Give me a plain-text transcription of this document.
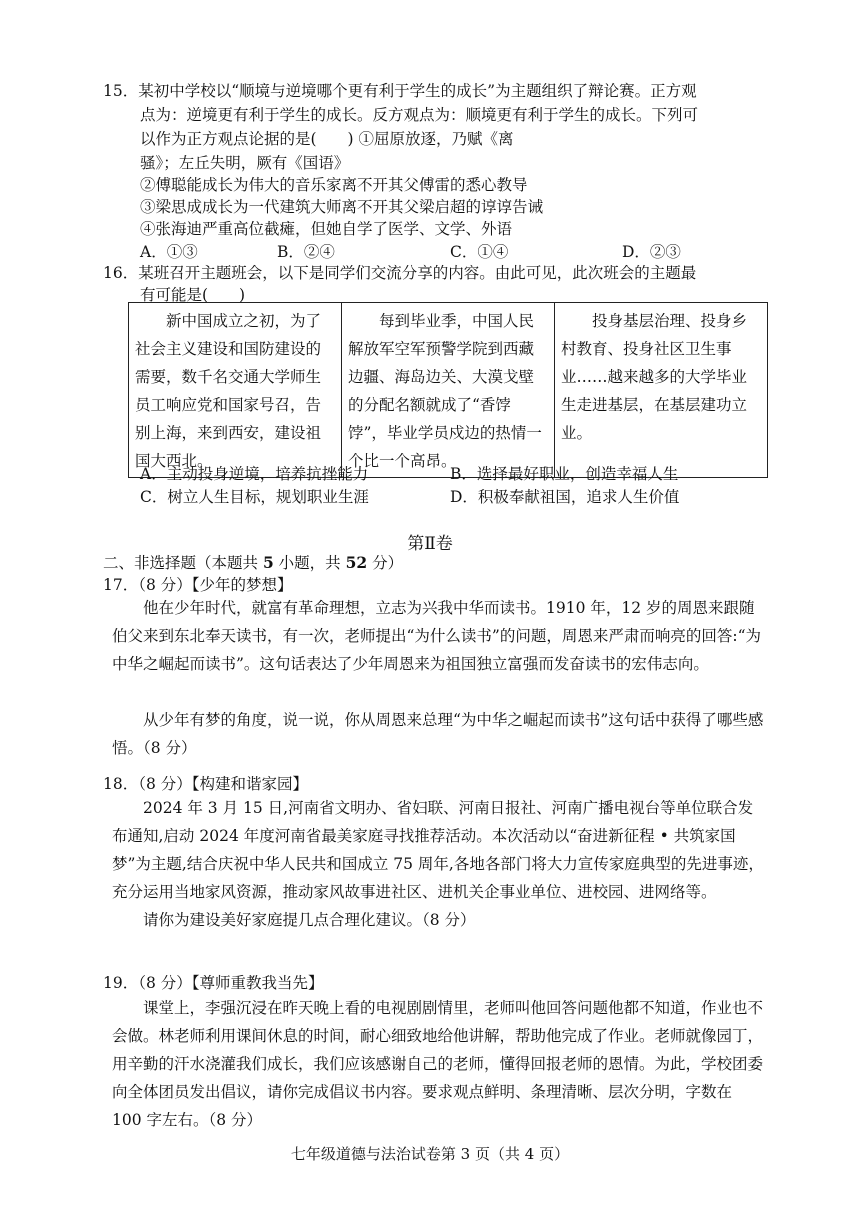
15．某初中学校以“顺境与逆境哪个更有利于学生的成长”为主题组织了辩论赛。正方观
点为：逆境更有利于学生的成长。反方观点为：顺境更有利于学生的成长。下列可
以作为正方观点论据的是(　　) ①屈原放逐，乃赋《离
骚》；左丘失明，厥有《国语》
②傅聪能成长为伟大的音乐家离不开其父傅雷的悉心教导
③梁思成成长为一代建筑大师离不开其父梁启超的谆谆告诫
④张海迪严重高位截瘫，但她自学了医学、文学、外语
A．①③	B．②④	C．①④	D．②③
16．某班召开主题班会，以下是同学们交流分享的内容。由此可见，此次班会的主题最
有可能是(　　)
新中国成立之初，为了社会主义建设和国防建设的需要，数千名交通大学师生员工响应党和国家号召，告别上海，来到西安，建设祖国大西北。	每到毕业季，中国人民解放军空军预警学院到西藏边疆、海岛边关、大漠戈壁的分配名额就成了“香饽饽”，毕业学员戍边的热情一个比一个高昂。	投身基层治理、投身乡村教育、投身社区卫生事业……越来越多的大学毕业生走进基层，在基层建功立业。
A．主动投身逆境，培养抗挫能力	B．选择最好职业，创造幸福人生
C．树立人生目标，规划职业生涯	D．积极奉献祖国，追求人生价值
第Ⅱ卷
二、非选择题（本题共 5 小题，共 52 分）
17．（8 分）【少年的梦想】
他在少年时代，就富有革命理想，立志为兴我中华而读书。1910 年，12 岁的周恩来跟随伯父来到东北奉天读书，有一次，老师提出“为什么读书”的问题，周恩来严肃而响亮的回答:“为中华之崛起而读书”。这句话表达了少年周恩来为祖国独立富强而发奋读书的宏伟志向。
从少年有梦的角度，说一说，你从周恩来总理“为中华之崛起而读书”这句话中获得了哪些感悟。（8 分）
18．（8 分）【构建和谐家园】
2024 年 3 月 15 日,河南省文明办、省妇联、河南日报社、河南广播电视台等单位联合发布通知,启动 2024 年度河南省最美家庭寻找推荐活动。本次活动以“奋进新征程 • 共筑家国梦”为主题,结合庆祝中华人民共和国成立 75 周年,各地各部门将大力宣传家庭典型的先进事迹，充分运用当地家风资源，推动家风故事进社区、进机关企事业单位、进校园、进网络等。
请你为建设美好家庭提几点合理化建议。（8 分）
19．（8 分）【尊师重教我当先】
课堂上，李强沉浸在昨天晚上看的电视剧剧情里，老师叫他回答问题他都不知道，作业也不会做。林老师利用课间休息的时间，耐心细致地给他讲解，帮助他完成了作业。老师就像园丁，用辛勤的汗水浇灌我们成长，我们应该感谢自己的老师，懂得回报老师的恩情。为此，学校团委向全体团员发出倡议，请你完成倡议书内容。要求观点鲜明、条理清晰、层次分明，字数在 100 字左右。（8 分）
七年级道德与法治试卷第 3 页（共 4 页）
